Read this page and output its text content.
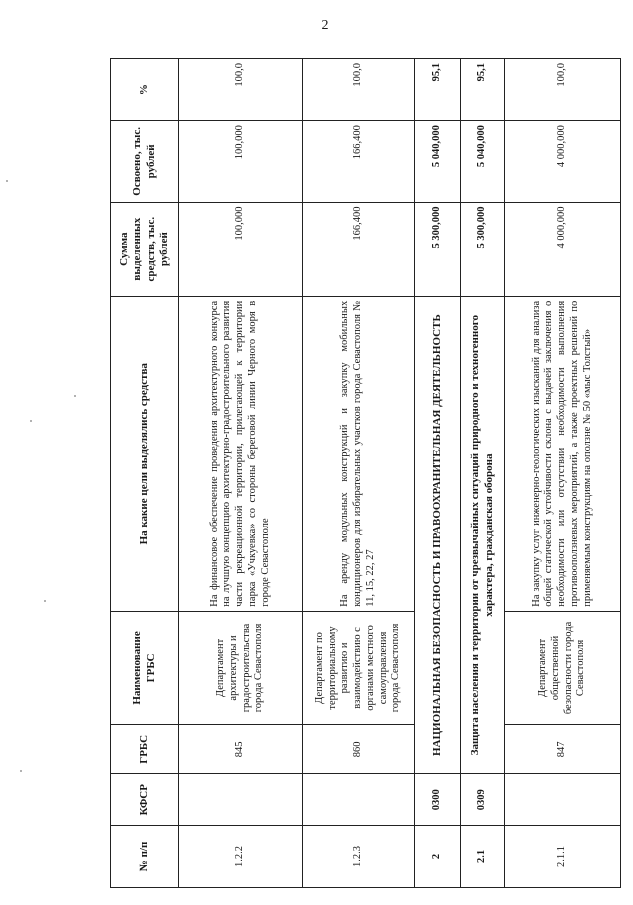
2
№ п/п	КФСР	ГРБС	Наименование ГРБС	На какие цели выделялись средства	Сумма выделенных средств, тыс. рублей	Освоено, тыс. рублей	%
1.2.2		845	Департамент архитектуры и градостроительства города Севастополя	На финансовое обеспечение проведения архитектурного конкурса на лучшую концепцию архитектурно-градостроительного развития части рекреационной территории, прилегающей к территории парка «Учкуевка» со стороны береговой линии Черного моря в городе Севастополе	100,000	100,000	100,0
1.2.3		860	Департамент по территориальному развитию и взаимодействию с органами местного самоуправления города Севастополя	На аренду модульных конструкций и закупку мобильных кондиционеров для избирательных участков города Севастополя № 11, 15, 22, 27	166,400	166,400	100,0
2	0300	НАЦИОНАЛЬНАЯ БЕЗОПАСНОСТЬ И ПРАВООХРАНИТЕЛЬНАЯ ДЕЯТЕЛЬНОСТЬ			5 300,000	5 040,000	95,1
2.1	0309	Защита населения и территории от чрезвычайных ситуаций природного и техногенного характера, гражданская оборона			5 300,000	5 040,000	95,1
2.1.1		847	Департамент общественной безопасности города Севастополя	На закупку услуг инженерно-геологических изысканий для анализа общей статической устойчивости склона с выдачей заключения о необходимости или отсутствии необходимости выполнения противооползневых мероприятий, а также проектных решений по применяемым конструкциям на оползне № 50 «мыс Толстый»	4 000,000	4 000,000	100,0
